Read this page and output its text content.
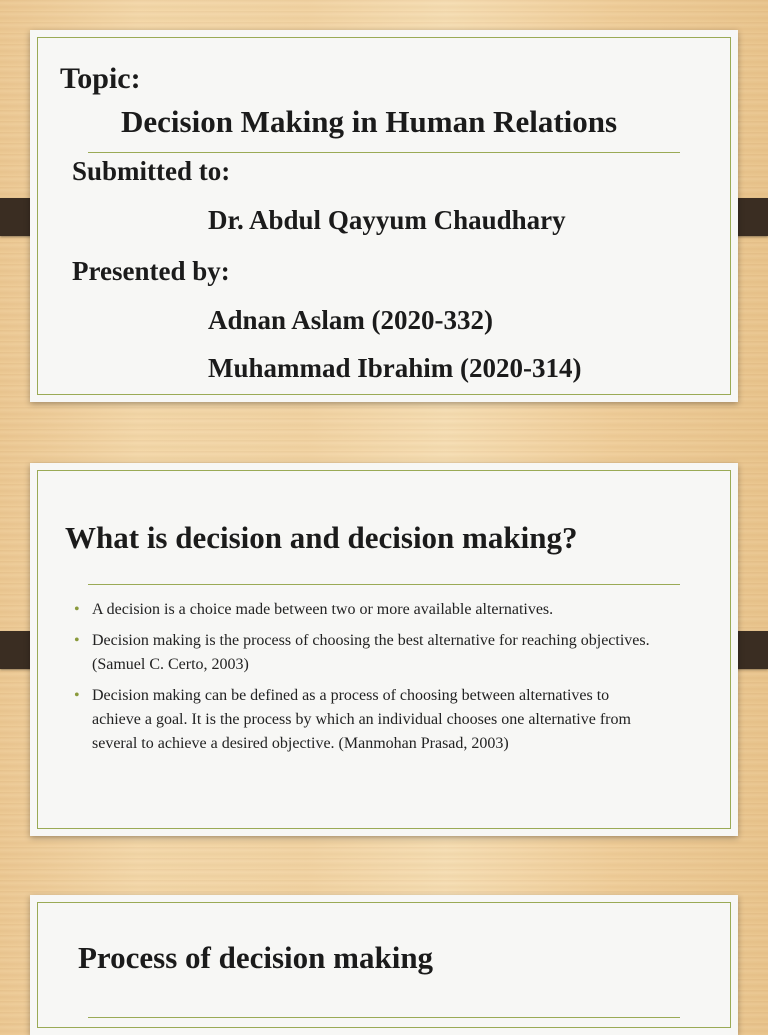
Topic:
Decision Making in Human Relations
Submitted to:
Dr. Abdul Qayyum Chaudhary
Presented by:
Adnan Aslam (2020-332)
Muhammad Ibrahim (2020-314)
What is decision and decision making?
• A decision is a choice made between two or more available alternatives.
• Decision making is the process of choosing the best alternative for reaching objectives. (Samuel C. Certo, 2003)
• Decision making can be defined as a process of choosing between alternatives to achieve a goal. It is the process by which an individual chooses one alternative from several to achieve a desired objective. (Manmohan Prasad, 2003)
Process of decision making
